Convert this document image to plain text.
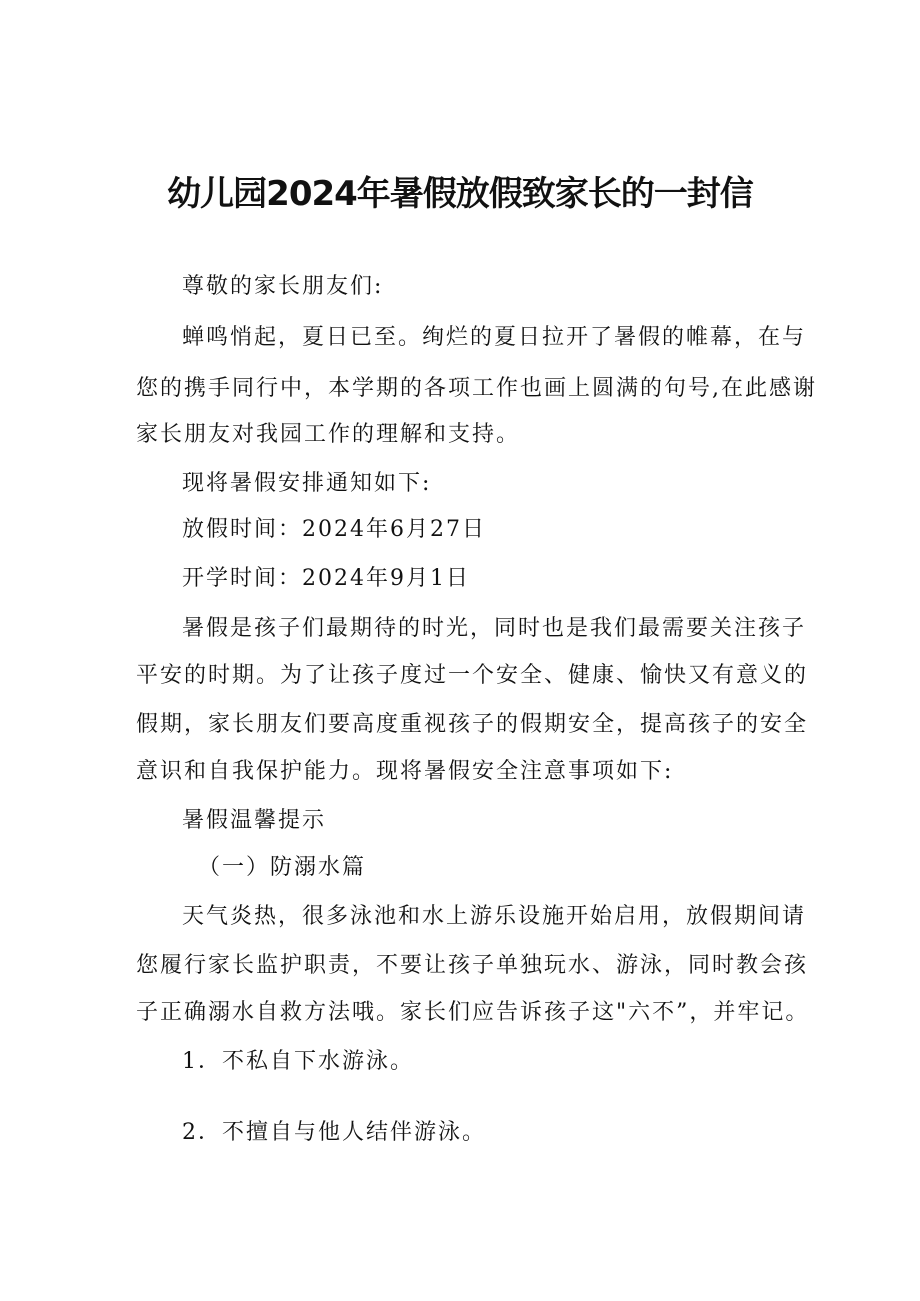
幼儿园2024年暑假放假致家长的一封信
尊敬的家长朋友们:
蝉鸣悄起，夏日已至。绚烂的夏日拉开了暑假的帷幕，在与
您的携手同行中，本学期的各项工作也画上圆满的句号,在此感谢
家长朋友对我园工作的理解和支持。
现将暑假安排通知如下:
放假时间：2024年6月27日
开学时间：2024年9月1日
暑假是孩子们最期待的时光，同时也是我们最需要关注孩子
平安的时期。为了让孩子度过一个安全、健康、愉快又有意义的
假期，家长朋友们要高度重视孩子的假期安全，提高孩子的安全
意识和自我保护能力。现将暑假安全注意事项如下:
暑假温馨提示
（一）防溺水篇
天气炎热，很多泳池和水上游乐设施开始启用，放假期间请
您履行家长监护职责，不要让孩子单独玩水、游泳，同时教会孩
子正确溺水自救方法哦。家长们应告诉孩子这"六不”，并牢记。
1．不私自下水游泳。
2．不擅自与他人结伴游泳。
